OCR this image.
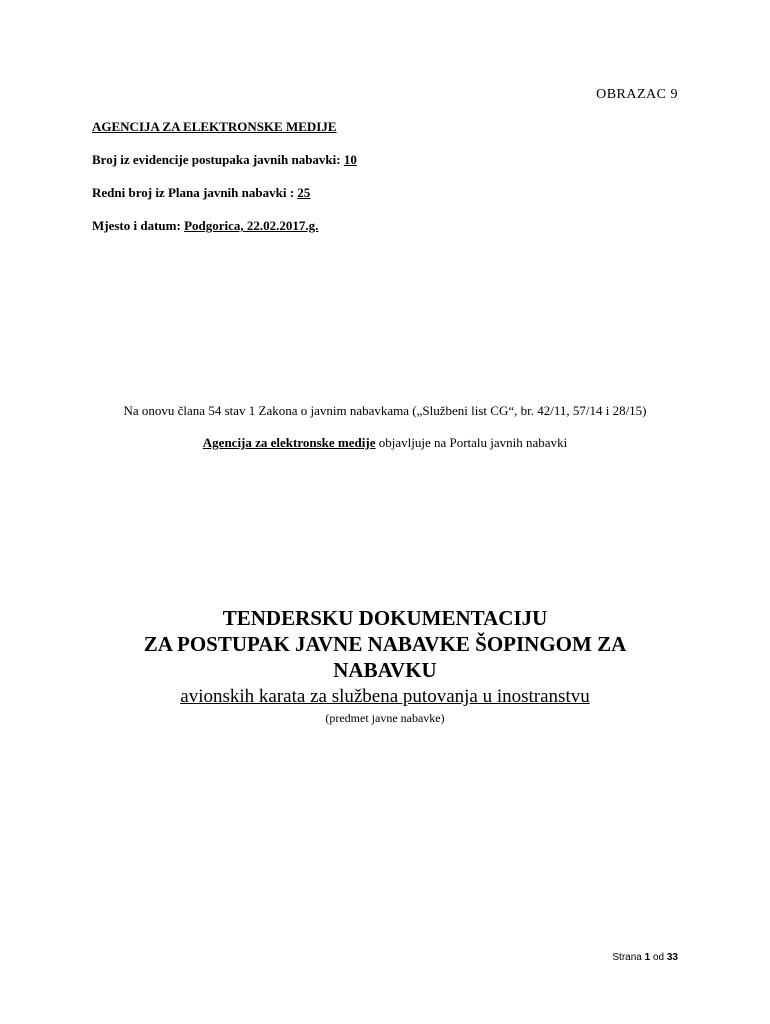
OBRAZAC 9
AGENCIJA ZA ELEKTRONSKE MEDIJE
Broj iz evidencije postupaka javnih nabavki: 10
Redni broj iz Plana javnih nabavki : 25
Mjesto i datum: Podgorica, 22.02.2017.g.
Na onovu člana 54 stav 1 Zakona o javnim nabavkama („Službeni list CG“, br. 42/11, 57/14 i 28/15)
Agencija za elektronske medije objavljuje na Portalu javnih nabavki
TENDERSKU DOKUMENTACIJU
ZA POSTUPAK JAVNE NABAVKE ŠOPINGOM ZA
NABAVKU
avionskih karata za službena putovanja u inostranstvu
(predmet javne nabavke)
Strana 1 od 33
